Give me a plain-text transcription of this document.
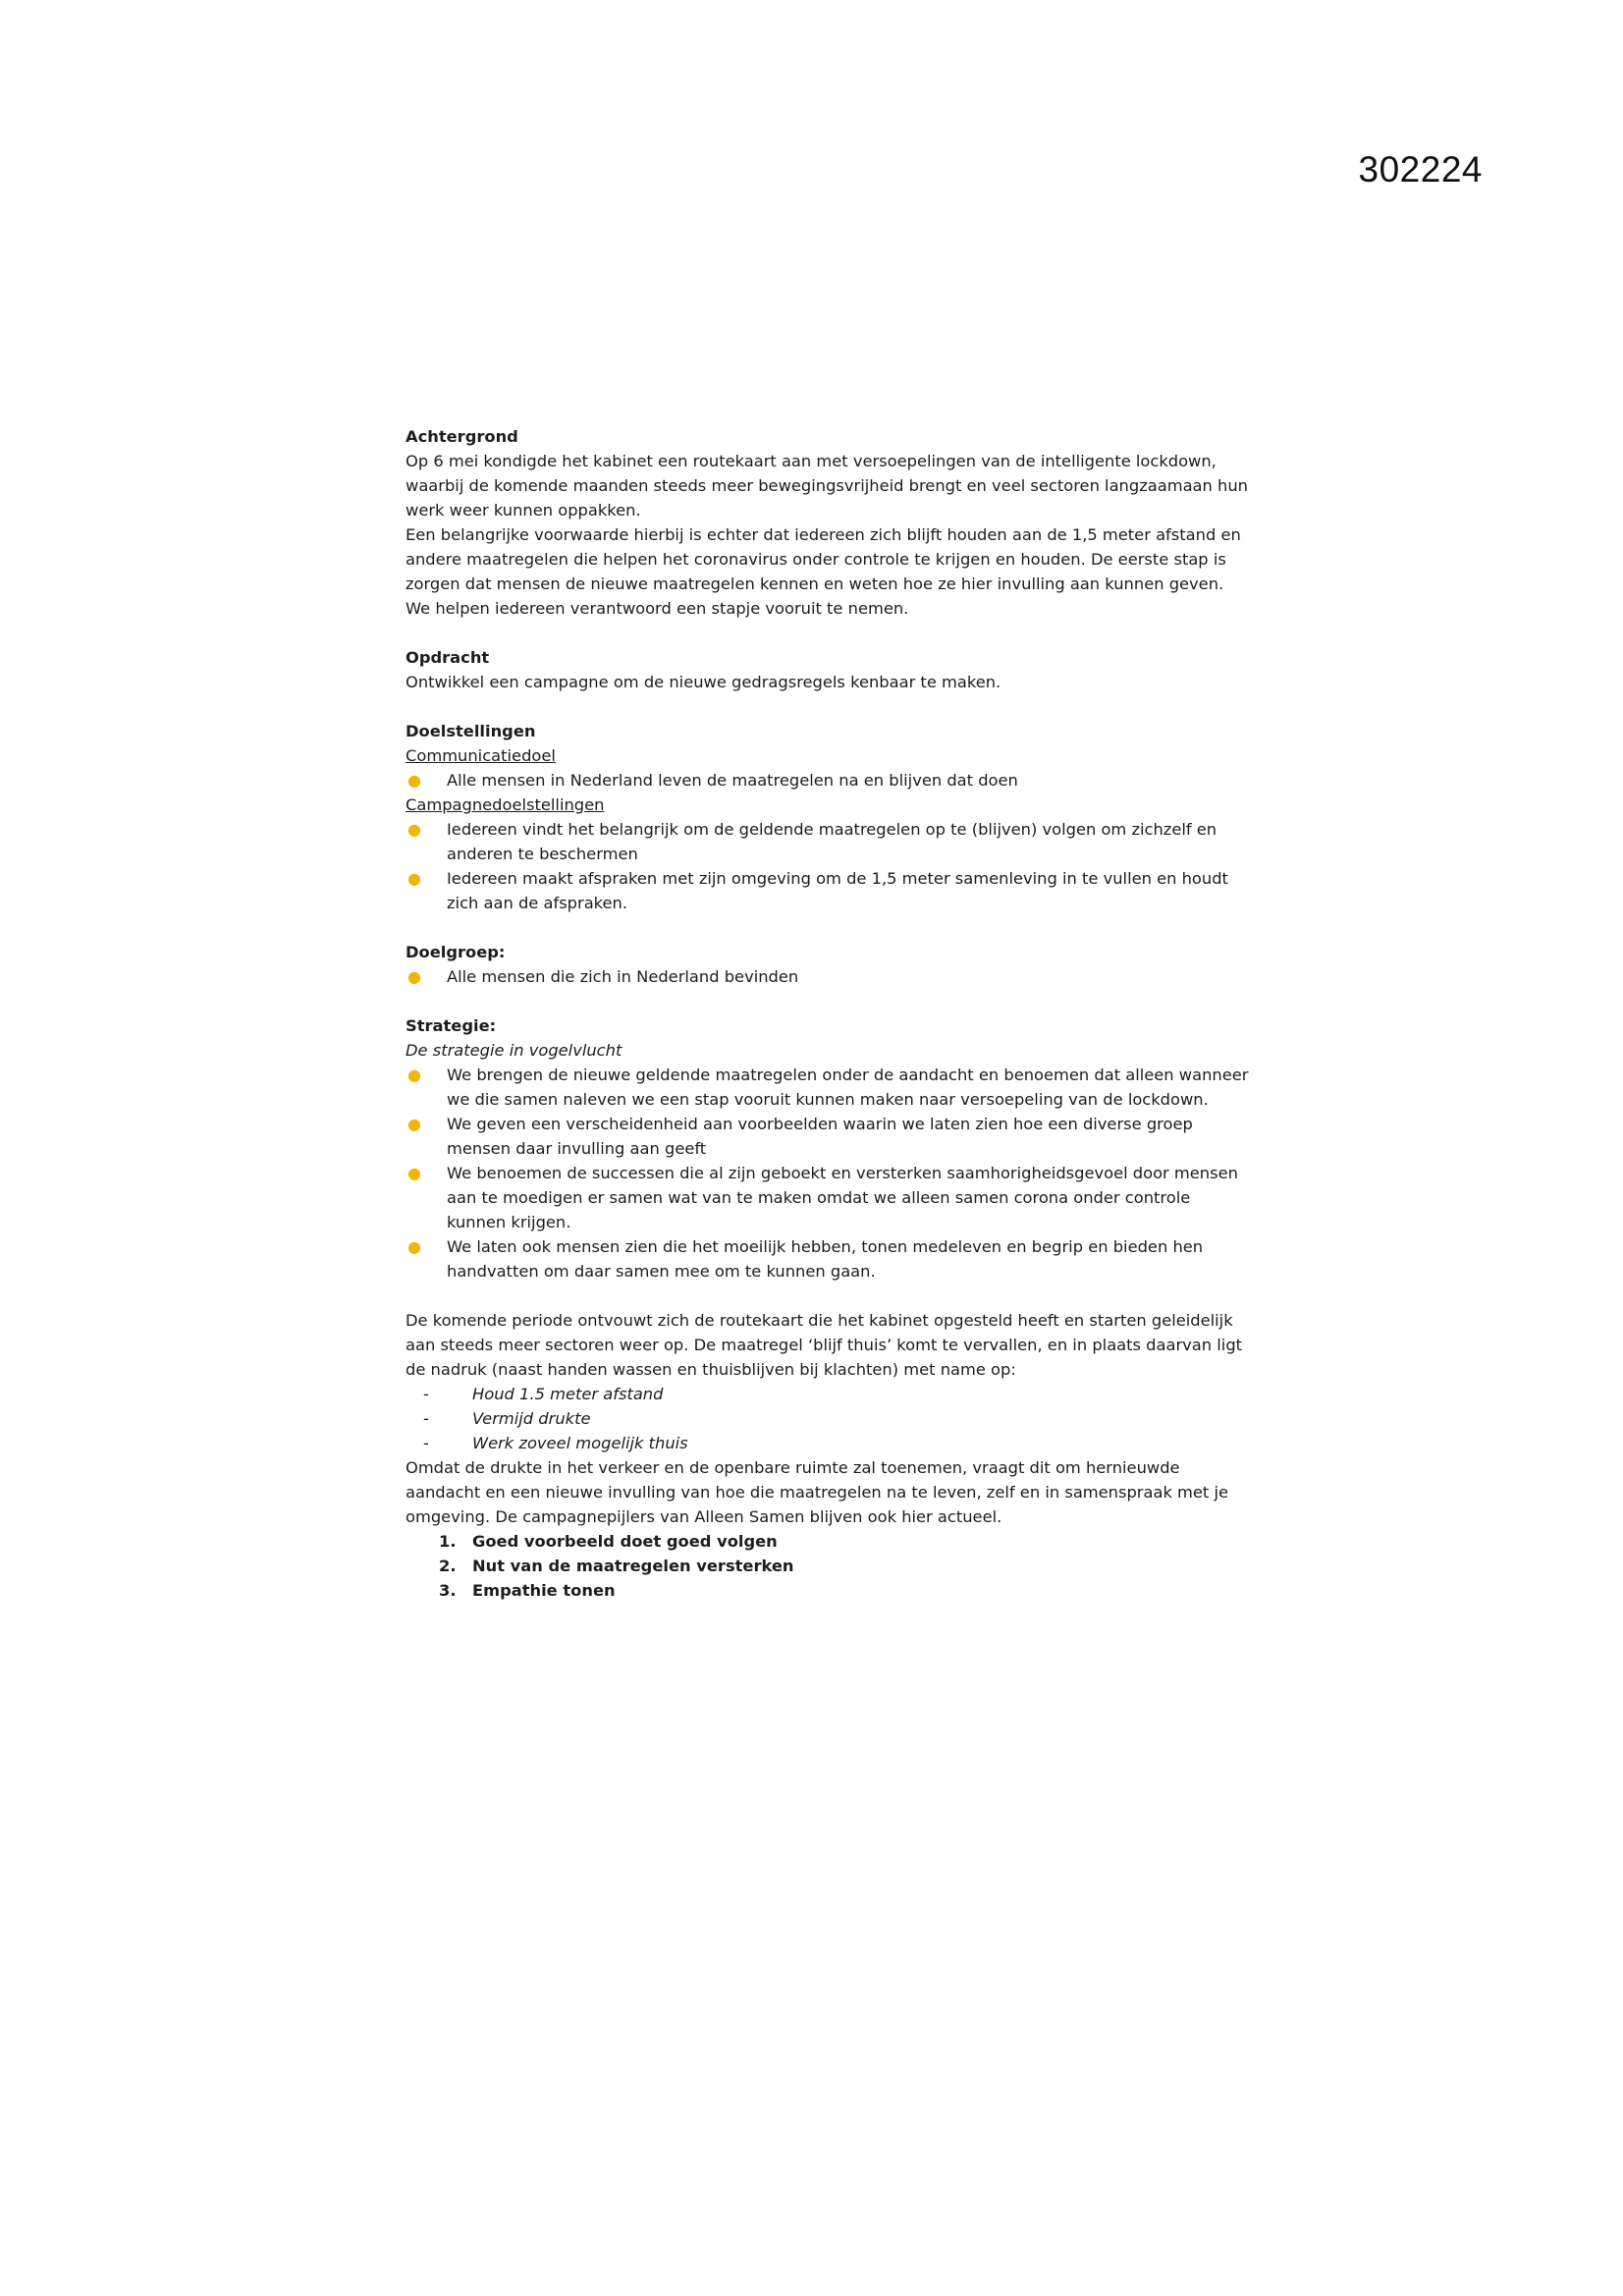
302224

Achtergrond

Op 6 mei kondigde het kabinet een routekaart aan met versoepelingen van de intelligente lockdown, waarbij de komende maanden steeds meer bewegingsvrijheid brengt en veel sectoren langzaamaan hun werk weer kunnen oppakken.

Een belangrijke voorwaarde hierbij is echter dat iedereen zich blijft houden aan de 1,5 meter afstand en andere maatregelen die helpen het coronavirus onder controle te krijgen en houden. De eerste stap is zorgen dat mensen de nieuwe maatregelen kennen en weten hoe ze hier invulling aan kunnen geven. We helpen iedereen verantwoord een stapje vooruit te nemen.

Opdracht

Ontwikkel een campagne om de nieuwe gedragsregels kenbaar te maken.

Doelstellingen

Communicatiedoel

● Alle mensen in Nederland leven de maatregelen na en blijven dat doen

Campagnedoelstellingen

● Iedereen vindt het belangrijk om de geldende maatregelen op te (blijven) volgen om zichzelf en anderen te beschermen
● Iedereen maakt afspraken met zijn omgeving om de 1,5 meter samenleving in te vullen en houdt zich aan de afspraken.

Doelgroep:

● Alle mensen die zich in Nederland bevinden

Strategie:

De strategie in vogelvlucht

● We brengen de nieuwe geldende maatregelen onder de aandacht en benoemen dat alleen wanneer we die samen naleven we een stap vooruit kunnen maken naar versoepeling van de lockdown.
● We geven een verscheidenheid aan voorbeelden waarin we laten zien hoe een diverse groep mensen daar invulling aan geeft
● We benoemen de successen die al zijn geboekt en versterken saamhorigheidsgevoel door mensen aan te moedigen er samen wat van te maken omdat we alleen samen corona onder controle kunnen krijgen.
● We laten ook mensen zien die het moeilijk hebben, tonen medeleven en begrip en bieden hen handvatten om daar samen mee om te kunnen gaan.

De komende periode ontvouwt zich de routekaart die het kabinet opgesteld heeft en starten geleidelijk aan steeds meer sectoren weer op. De maatregel ‘blijf thuis’ komt te vervallen, en in plaats daarvan ligt de nadruk (naast handen wassen en thuisblijven bij klachten) met name op:

-	Houd 1.5 meter afstand
-	Vermijd drukte
-	Werk zoveel mogelijk thuis

Omdat de drukte in het verkeer en de openbare ruimte zal toenemen, vraagt dit om hernieuwde aandacht en een nieuwe invulling van hoe die maatregelen na te leven, zelf en in samenspraak met je omgeving. De campagnepijlers van Alleen Samen blijven ook hier actueel.

1. Goed voorbeeld doet goed volgen
2. Nut van de maatregelen versterken
3. Empathie tonen
